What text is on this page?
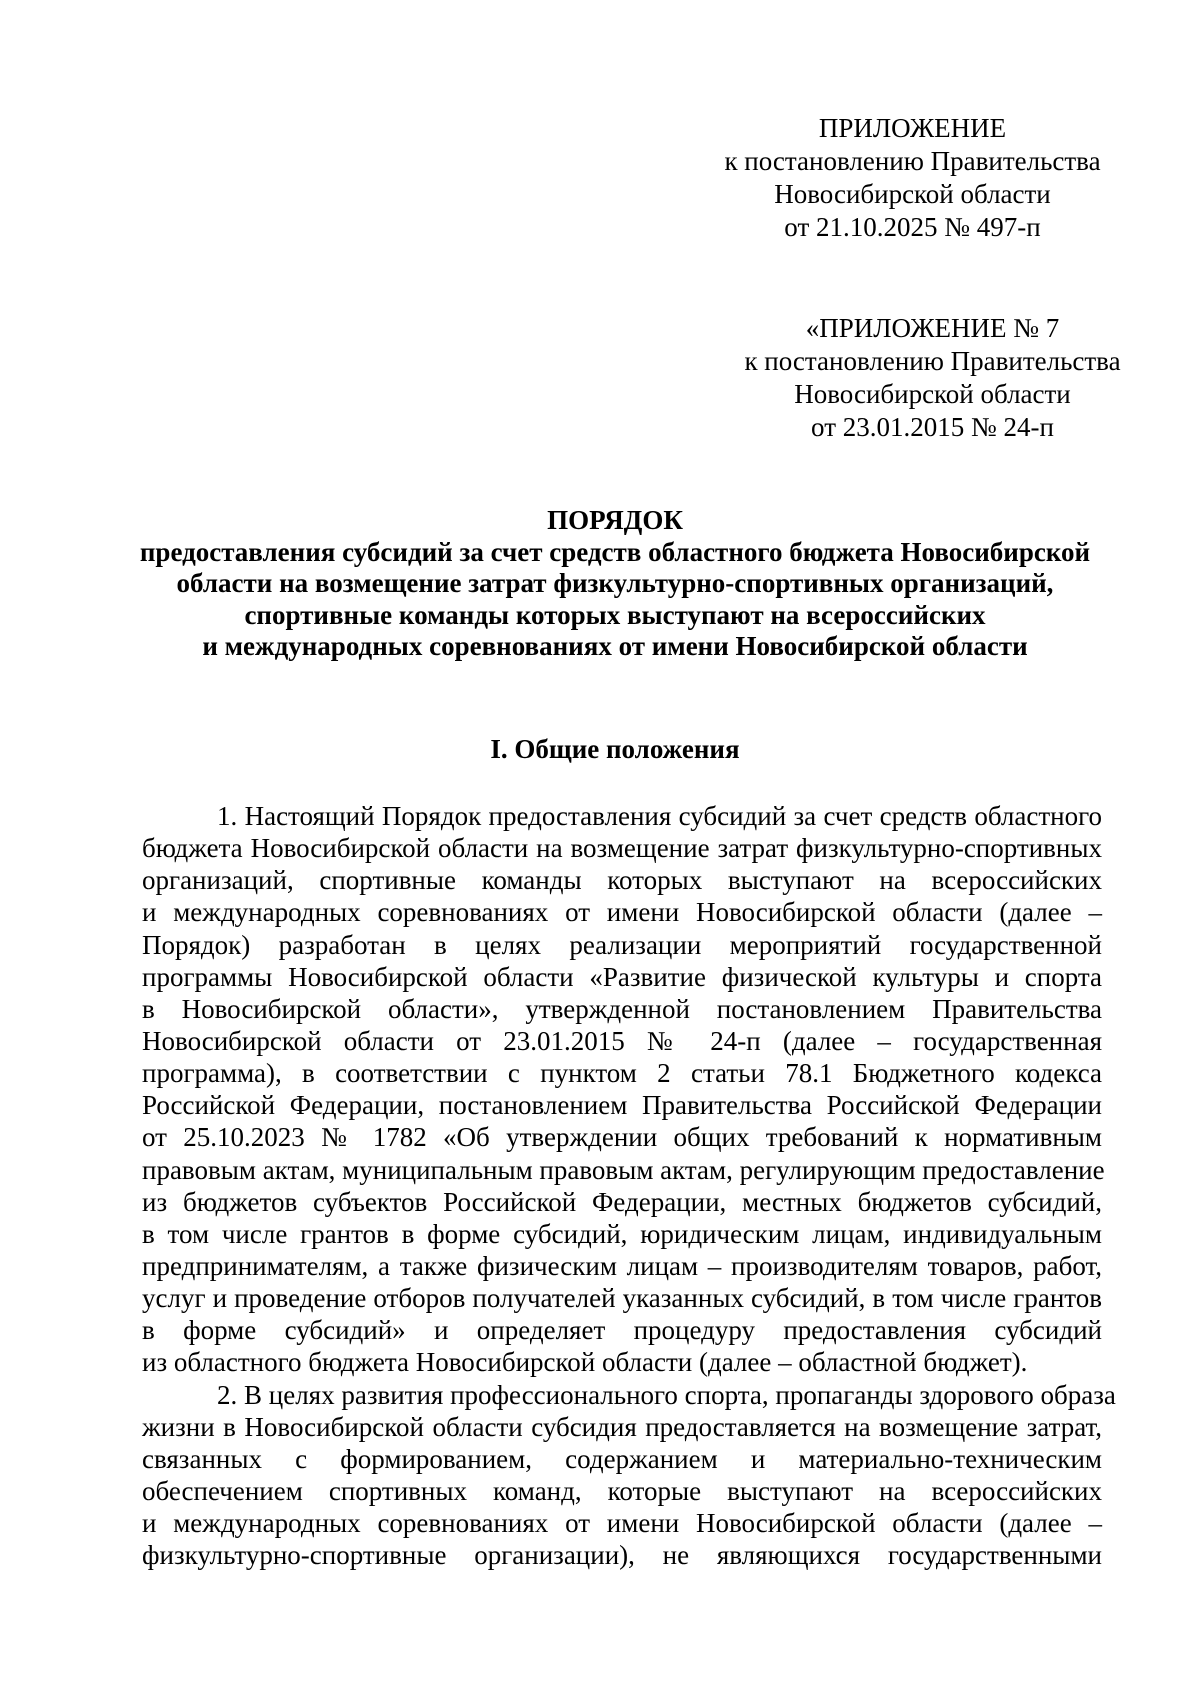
ПРИЛОЖЕНИЕ
к постановлению Правительства
Новосибирской области
от 21.10.2025 № 497-п
«ПРИЛОЖЕНИЕ № 7
к постановлению Правительства
Новосибирской области
от 23.01.2015 № 24-п
ПОРЯДОК
предоставления субсидий за счет средств областного бюджета Новосибирской
области на возмещение затрат физкультурно-спортивных организаций,
спортивные команды которых выступают на всероссийских
и международных соревнованиях от имени Новосибирской области
I. Общие положения
1. Настоящий Порядок предоставления субсидий за счет средств областного
бюджета Новосибирской области на возмещение затрат физкультурно-спортивных
организаций, спортивные команды которых выступают на всероссийских
и международных соревнованиях от имени Новосибирской области (далее –
Порядок) разработан в целях реализации мероприятий государственной
программы Новосибирской области «Развитие физической культуры и спорта
в Новосибирской области», утвержденной постановлением Правительства
Новосибирской области от 23.01.2015 № 24-п (далее – государственная
программа), в соответствии с пунктом 2 статьи 78.1 Бюджетного кодекса
Российской Федерации, постановлением Правительства Российской Федерации
от 25.10.2023 № 1782 «Об утверждении общих требований к нормативным
правовым актам, муниципальным правовым актам, регулирующим предоставление
из бюджетов субъектов Российской Федерации, местных бюджетов субсидий,
в том числе грантов в форме субсидий, юридическим лицам, индивидуальным
предпринимателям, а также физическим лицам – производителям товаров, работ,
услуг и проведение отборов получателей указанных субсидий, в том числе грантов
в форме субсидий» и определяет процедуру предоставления субсидий
из областного бюджета Новосибирской области (далее – областной бюджет).
2. В целях развития профессионального спорта, пропаганды здорового образа
жизни в Новосибирской области субсидия предоставляется на возмещение затрат,
связанных с формированием, содержанием и материально-техническим
обеспечением спортивных команд, которые выступают на всероссийских
и международных соревнованиях от имени Новосибирской области (далее –
физкультурно-спортивные организации), не являющихся государственными
